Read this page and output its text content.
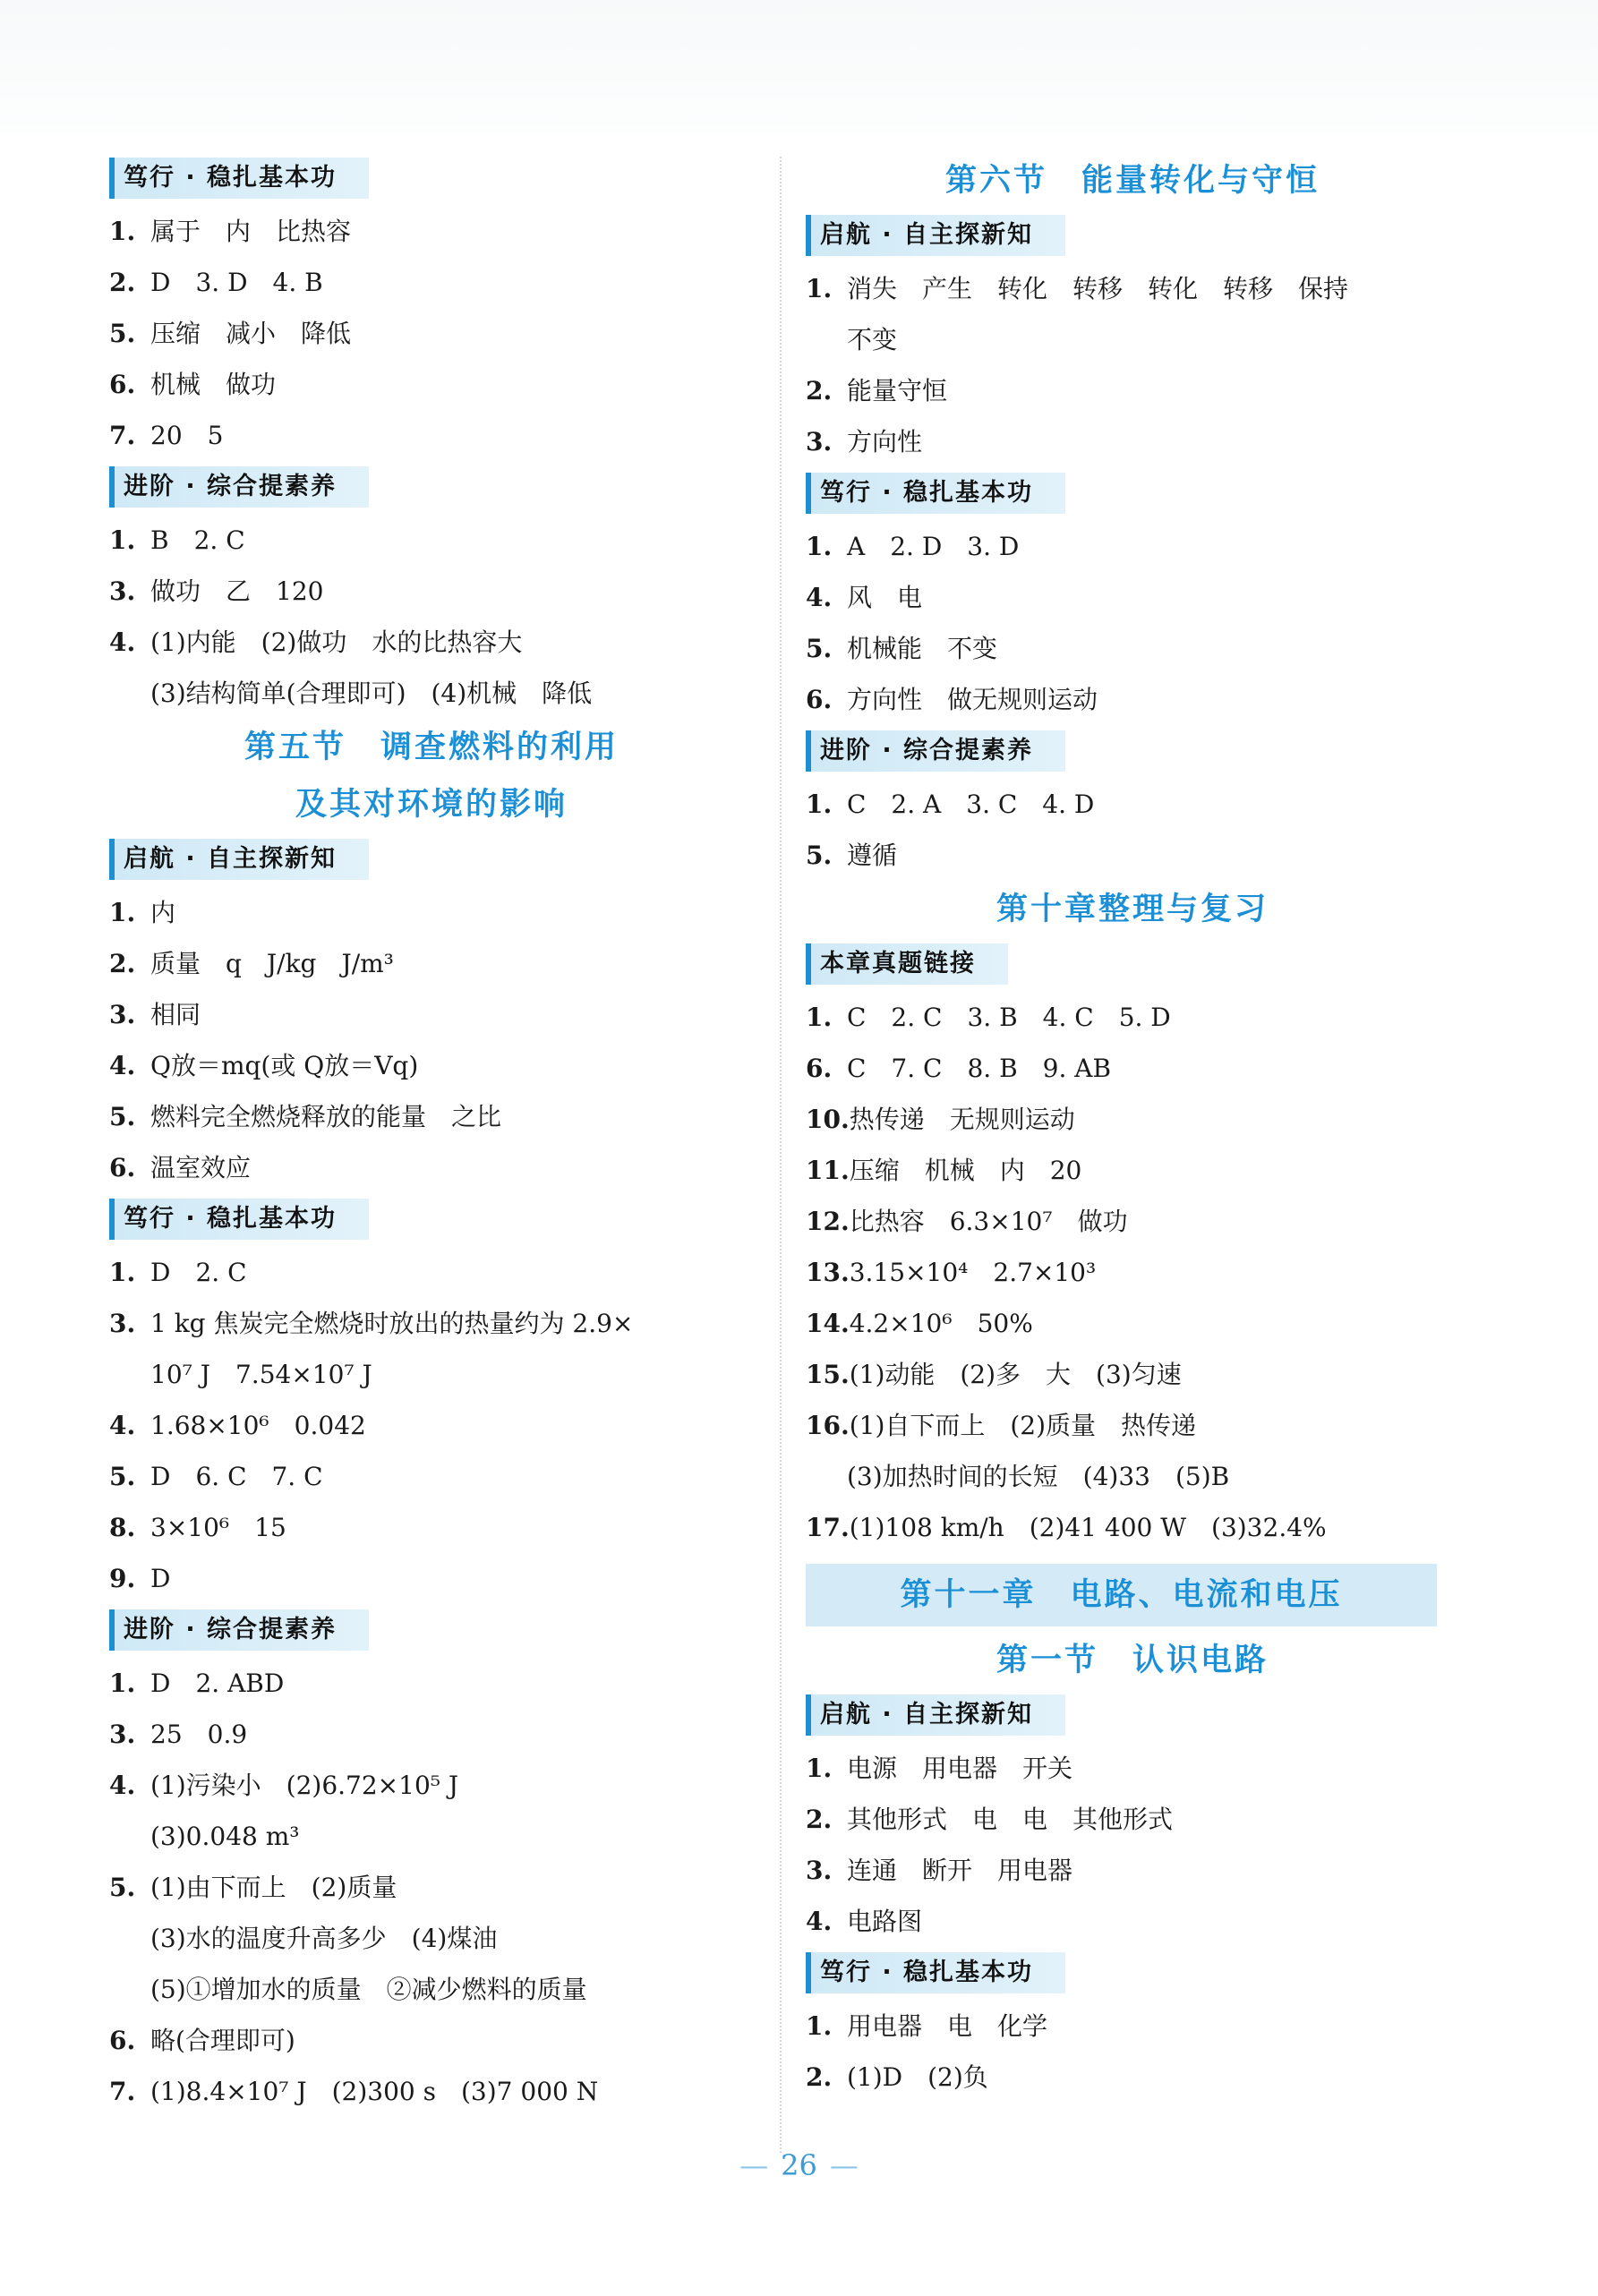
笃行 · 稳扎基本功
1. 属于　内　比热容
2. D　3. D　4. B
5. 压缩　减小　降低
6. 机械　做功
7. 20　5
进阶 · 综合提素养
1. B　2. C
3. 做功　乙　120
4. (1)内能　(2)做功　水的比热容大
(3)结构简单(合理即可)　(4)机械　降低
第五节　调查燃料的利用
及其对环境的影响
启航 · 自主探新知
1. 内
2. 质量　q　J/kg　J/m³
3. 相同
4. Q放＝mq(或 Q放＝Vq)
5. 燃料完全燃烧释放的能量　之比
6. 温室效应
笃行 · 稳扎基本功
1. D　2. C
3. 1 kg 焦炭完全燃烧时放出的热量约为 2.9×
10⁷ J　7.54×10⁷ J
4. 1.68×10⁶　0.042
5. D　6. C　7. C
8. 3×10⁶　15
9. D
进阶 · 综合提素养
1. D　2. ABD
3. 25　0.9
4. (1)污染小　(2)6.72×10⁵ J
(3)0.048 m³
5. (1)由下而上　(2)质量
(3)水的温度升高多少　(4)煤油
(5)①增加水的质量　②减少燃料的质量
6. 略(合理即可)
7. (1)8.4×10⁷ J　(2)300 s　(3)7 000 N
第六节　能量转化与守恒
启航 · 自主探新知
1. 消失　产生　转化　转移　转化　转移　保持
不变
2. 能量守恒
3. 方向性
笃行 · 稳扎基本功
1. A　2. D　3. D
4. 风　电
5. 机械能　不变
6. 方向性　做无规则运动
进阶 · 综合提素养
1. C　2. A　3. C　4. D
5. 遵循
第十章整理与复习
本章真题链接
1. C　2. C　3. B　4. C　5. D
6. C　7. C　8. B　9. AB
10.热传递　无规则运动
11.压缩　机械　内　20
12.比热容　6.3×10⁷　做功
13.3.15×10⁴　2.7×10³
14.4.2×10⁶　50%
15.(1)动能　(2)多　大　(3)匀速
16.(1)自下而上　(2)质量　热传递
(3)加热时间的长短　(4)33　(5)B
17.(1)108 km/h　(2)41 400 W　(3)32.4%
第十一章　电路、电流和电压
第一节　认识电路
启航 · 自主探新知
1. 电源　用电器　开关
2. 其他形式　电　电　其他形式
3. 连通　断开　用电器
4. 电路图
笃行 · 稳扎基本功
1. 用电器　电　化学
2. (1)D　(2)负
— 26 —
